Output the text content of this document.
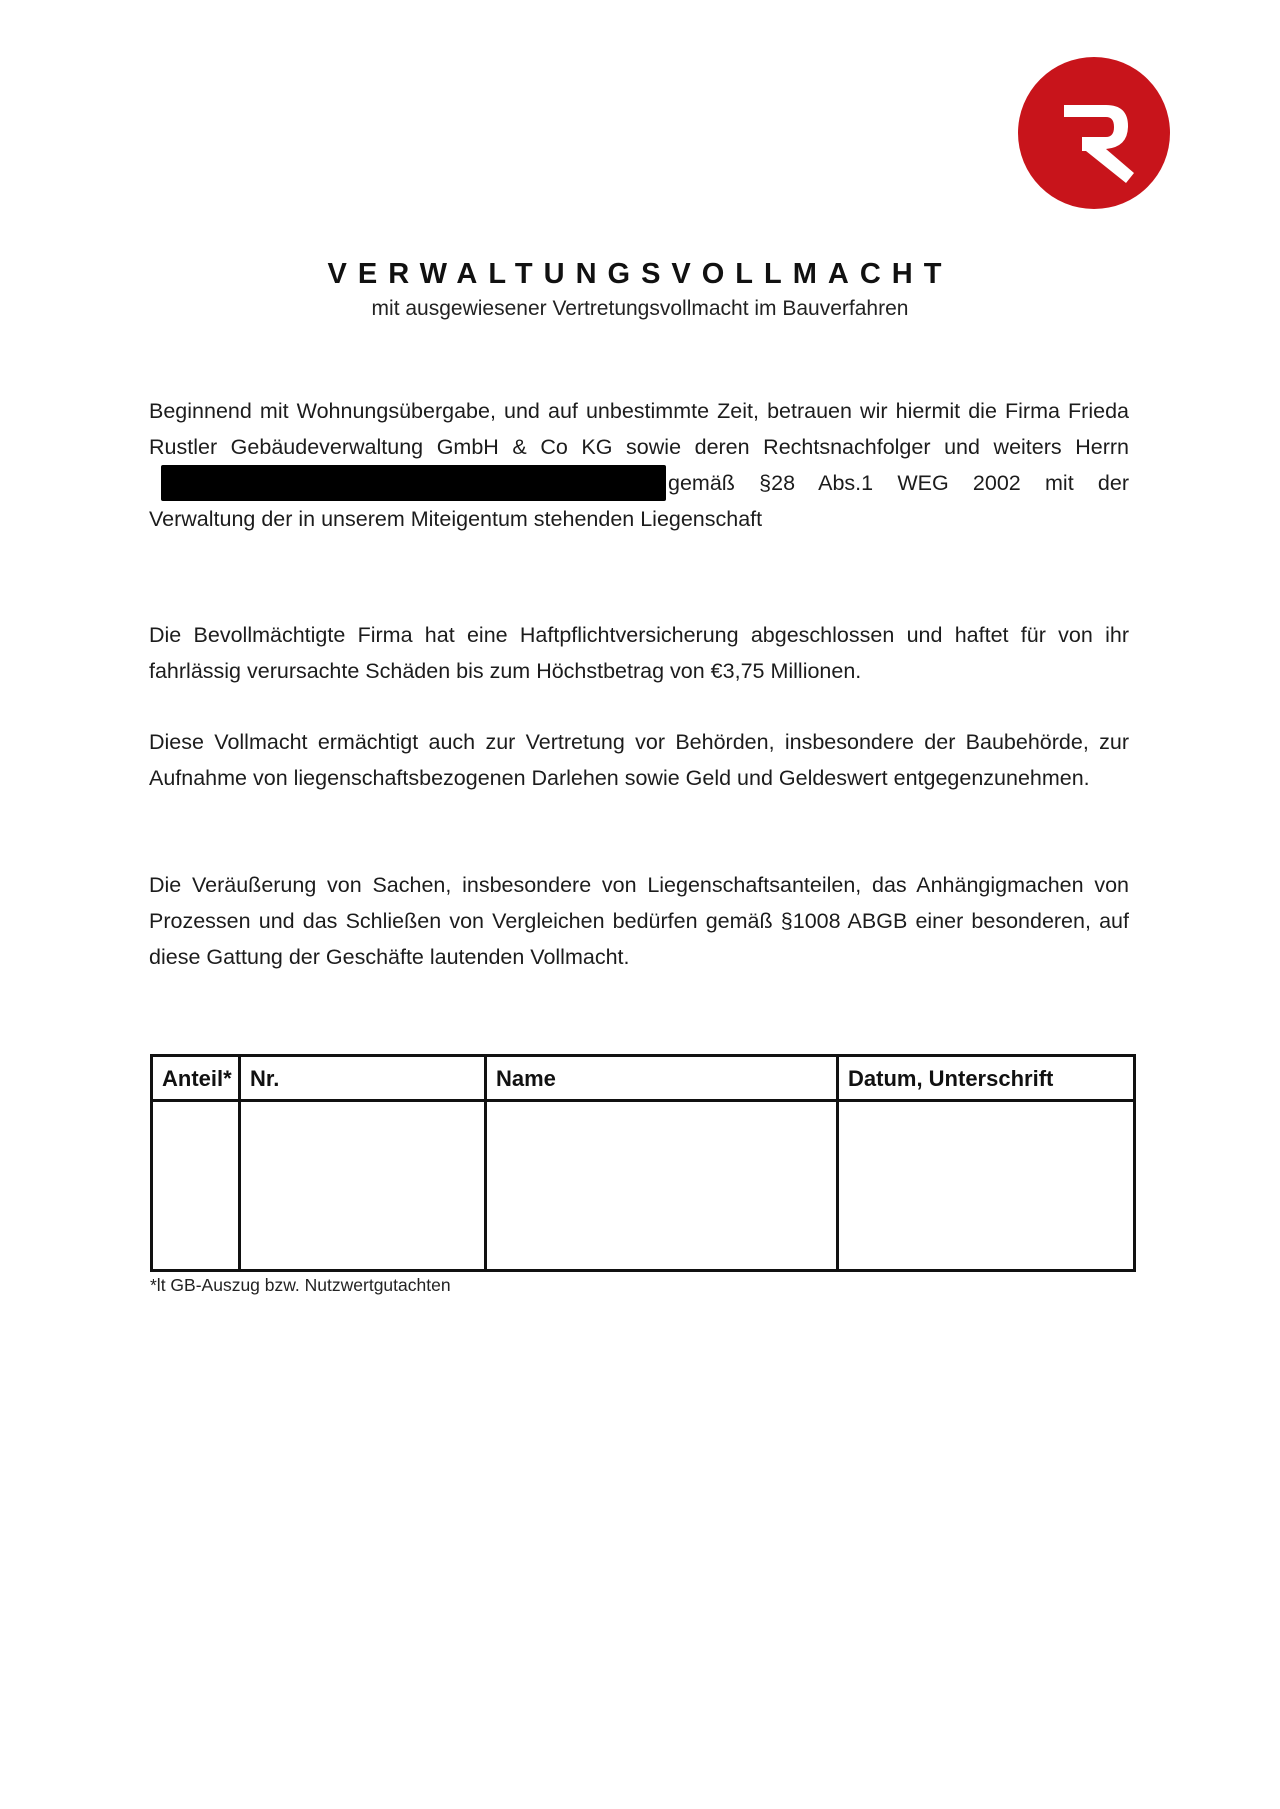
VERWALTUNGSVOLLMACHT
mit ausgewiesener Vertretungsvollmacht im Bauverfahren

Beginnend mit Wohnungsübergabe, und auf unbestimmte Zeit, betrauen wir hiermit die Firma Frieda Rustler Gebäudeverwaltung GmbH & Co KG sowie deren Rechtsnachfolger und weiters Herrngemäß §28 Abs.1 WEG 2002 mit der Verwaltung der in unserem Miteigentum stehenden Liegenschaft

Die Bevollmächtigte Firma hat eine Haftpflichtversicherung abgeschlossen und haftet für von ihr fahrlässig verursachte Schäden bis zum Höchstbetrag von €3,75 Millionen.

Diese Vollmacht ermächtigt auch zur Vertretung vor Behörden, insbesondere der Baubehörde, zur Aufnahme von liegenschaftsbezogenen Darlehen sowie Geld und Geldeswert entgegenzunehmen.

Die Veräußerung von Sachen, insbesondere von Liegenschaftsanteilen, das Anhängigmachen von Prozessen und das Schließen von Vergleichen bedürfen gemäß §1008 ABGB einer besonderen, auf diese Gattung der Geschäfte lautenden Vollmacht.

Anteil*	Nr.	Name	Datum, Unterschrift

*lt GB-Auszug bzw. Nutzwertgutachten
